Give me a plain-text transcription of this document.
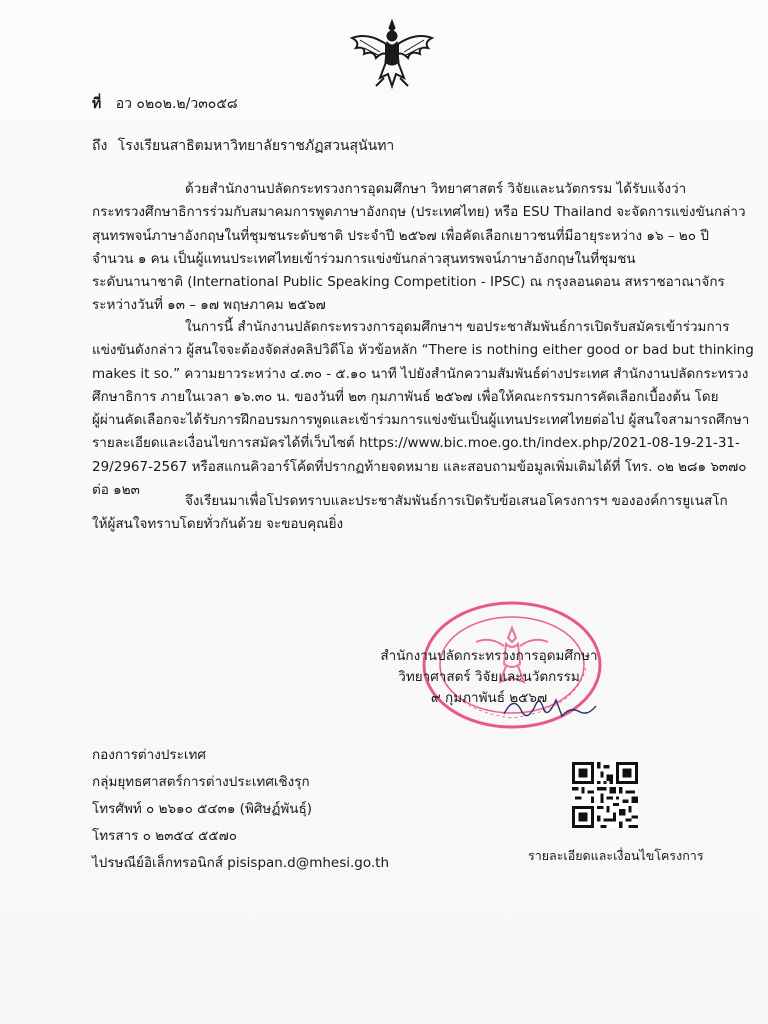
ที่ อว ๐๒๐๒.๒/ว๓๐๕๘
ถึง โรงเรียนสาธิตมหาวิทยาลัยราชภัฏสวนสุนันทา

ด้วยสำนักงานปลัดกระทรวงการอุดมศึกษา วิทยาศาสตร์ วิจัยและนวัตกรรม ได้รับแจ้งว่า

กระทรวงศึกษาธิการร่วมกับสมาคมการพูดภาษาอังกฤษ (ประเทศไทย) หรือ ESU Thailand จะจัดการแข่งขันกล่าว

สุนทรพจน์ภาษาอังกฤษในที่ชุมชนระดับชาติ ประจำปี ๒๕๖๗ เพื่อคัดเลือกเยาวชนที่มีอายุระหว่าง ๑๖ – ๒๐ ปี

จำนวน ๑ คน เป็นผู้แทนประเทศไทยเข้าร่วมการแข่งขันกล่าวสุนทรพจน์ภาษาอังกฤษในที่ชุมชน

ระดับนานาชาติ (International Public Speaking Competition - IPSC) ณ กรุงลอนดอน สหราชอาณาจักร

ระหว่างวันที่ ๑๓ – ๑๗ พฤษภาคม ๒๕๖๗

ในการนี้ สำนักงานปลัดกระทรวงการอุดมศึกษาฯ ขอประชาสัมพันธ์การเปิดรับสมัครเข้าร่วมการ

แข่งขันดังกล่าว ผู้สนใจจะต้องจัดส่งคลิปวิดีโอ หัวข้อหลัก “There is nothing either good or bad but thinking

makes it so.” ความยาวระหว่าง ๔.๓๐ - ๕.๑๐ นาที ไปยังสำนักความสัมพันธ์ต่างประเทศ สำนักงานปลัดกระทรวง

ศึกษาธิการ ภายในเวลา ๑๖.๓๐ น. ของวันที่ ๒๓ กุมภาพันธ์ ๒๕๖๗ เพื่อให้คณะกรรมการคัดเลือกเบื้องต้น โดย

ผู้ผ่านคัดเลือกจะได้รับการฝึกอบรมการพูดและเข้าร่วมการแข่งขันเป็นผู้แทนประเทศไทยต่อไป ผู้สนใจสามารถศึกษา

รายละเอียดและเงื่อนไขการสมัครได้ที่เว็บไซต์ https://www.bic.moe.go.th/index.php/2021-08-19-21-31-

29/2967-2567 หรือสแกนคิวอาร์โค้ดที่ปรากฏท้ายจดหมาย และสอบถามข้อมูลเพิ่มเติมได้ที่ โทร. ๐๒ ๒๘๑ ๖๓๗๐

ต่อ ๑๒๓

จึงเรียนมาเพื่อโปรดทราบและประชาสัมพันธ์การเปิดรับข้อเสนอโครงการฯ ขององค์การยูเนสโก

ให้ผู้สนใจทราบโดยทั่วกันด้วย จะขอบคุณยิ่ง

สำนักงานปลัดกระทรวงการอุดมศึกษา

วิทยาศาสตร์ วิจัยและนวัตกรรม

๙ กุมภาพันธ์ ๒๕๖๗

กองการต่างประเทศ

กลุ่มยุทธศาสตร์การต่างประเทศเชิงรุก

โทรศัพท์ ๐ ๒๖๑๐ ๕๔๓๑ (พิศิษฏ์พันธุ์)

โทรสาร ๐ ๒๓๕๔ ๕๕๗๐

ไปรษณีย์อิเล็กทรอนิกส์ pisispan.d@mhesi.go.th	รายละเอียดและเงื่อนไขโครงการ
